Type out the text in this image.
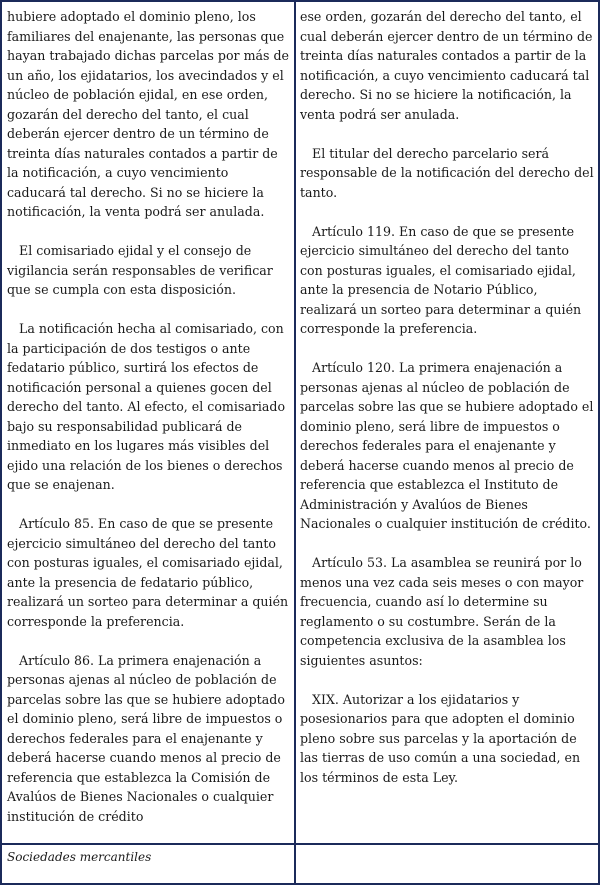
hubiere adoptado el dominio pleno, los familiares del enajenante, las personas que hayan trabajado dichas parcelas por más de un año, los ejidatarios, los avecindados y el núcleo de población ejidal, en ese orden, gozarán del derecho del tanto, el cual deberán ejercer dentro de un término de treinta días naturales contados a partir de la notificación, a cuyo vencimiento caducará tal derecho. Si no se hiciere la notificación, la venta podrá ser anulada.

El comisariado ejidal y el consejo de vigilancia serán responsables de verificar que se cumpla con esta disposición.

La notificación hecha al comisariado, con la participación de dos testigos o ante fedatario público, surtirá los efectos de notificación personal a quienes gocen del derecho del tanto. Al efecto, el comisariado bajo su responsabilidad publicará de inmediato en los lugares más visibles del ejido una relación de los bienes o derechos que se enajenan.

Artículo 85. En caso de que se presente ejercicio simultáneo del derecho del tanto con posturas iguales, el comisariado ejidal, ante la presencia de fedatario público, realizará un sorteo para determinar a quién corresponde la preferencia.

Artículo 86. La primera enajenación a personas ajenas al núcleo de población de parcelas sobre las que se hubiere adoptado el dominio pleno, será libre de impuestos o derechos federales para el enajenante y deberá hacerse cuando menos al precio de referencia que establezca la Comisión de Avalúos de Bienes Nacionales o cualquier institución de crédito

ese orden, gozarán del derecho del tanto, el cual deberán ejercer dentro de un término de treinta días naturales contados a partir de la notificación, a cuyo vencimiento caducará tal derecho. Si no se hiciere la notificación, la venta podrá ser anulada.

El titular del derecho parcelario será responsable de la notificación del derecho del tanto.

Artículo 119. En caso de que se presente ejercicio simultáneo del derecho del tanto con posturas iguales, el comisariado ejidal, ante la presencia de Notario Público, realizará un sorteo para determinar a quién corresponde la preferencia.

Artículo 120. La primera enajenación a personas ajenas al núcleo de población de parcelas sobre las que se hubiere adoptado el dominio pleno, será libre de impuestos o derechos federales para el enajenante y deberá hacerse cuando menos al precio de referencia que establezca el Instituto de Administración y Avalúos de Bienes Nacionales o cualquier institución de crédito.

Artículo 53. La asamblea se reunirá por lo menos una vez cada seis meses o con mayor frecuencia, cuando así lo determine su reglamento o su costumbre. Serán de la competencia exclusiva de la asamblea los siguientes asuntos:

XIX. Autorizar a los ejidatarios y posesionarios para que adopten el dominio pleno sobre sus parcelas y la aportación de las tierras de uso común a una sociedad, en los términos de esta Ley.

Sociedades mercantiles
